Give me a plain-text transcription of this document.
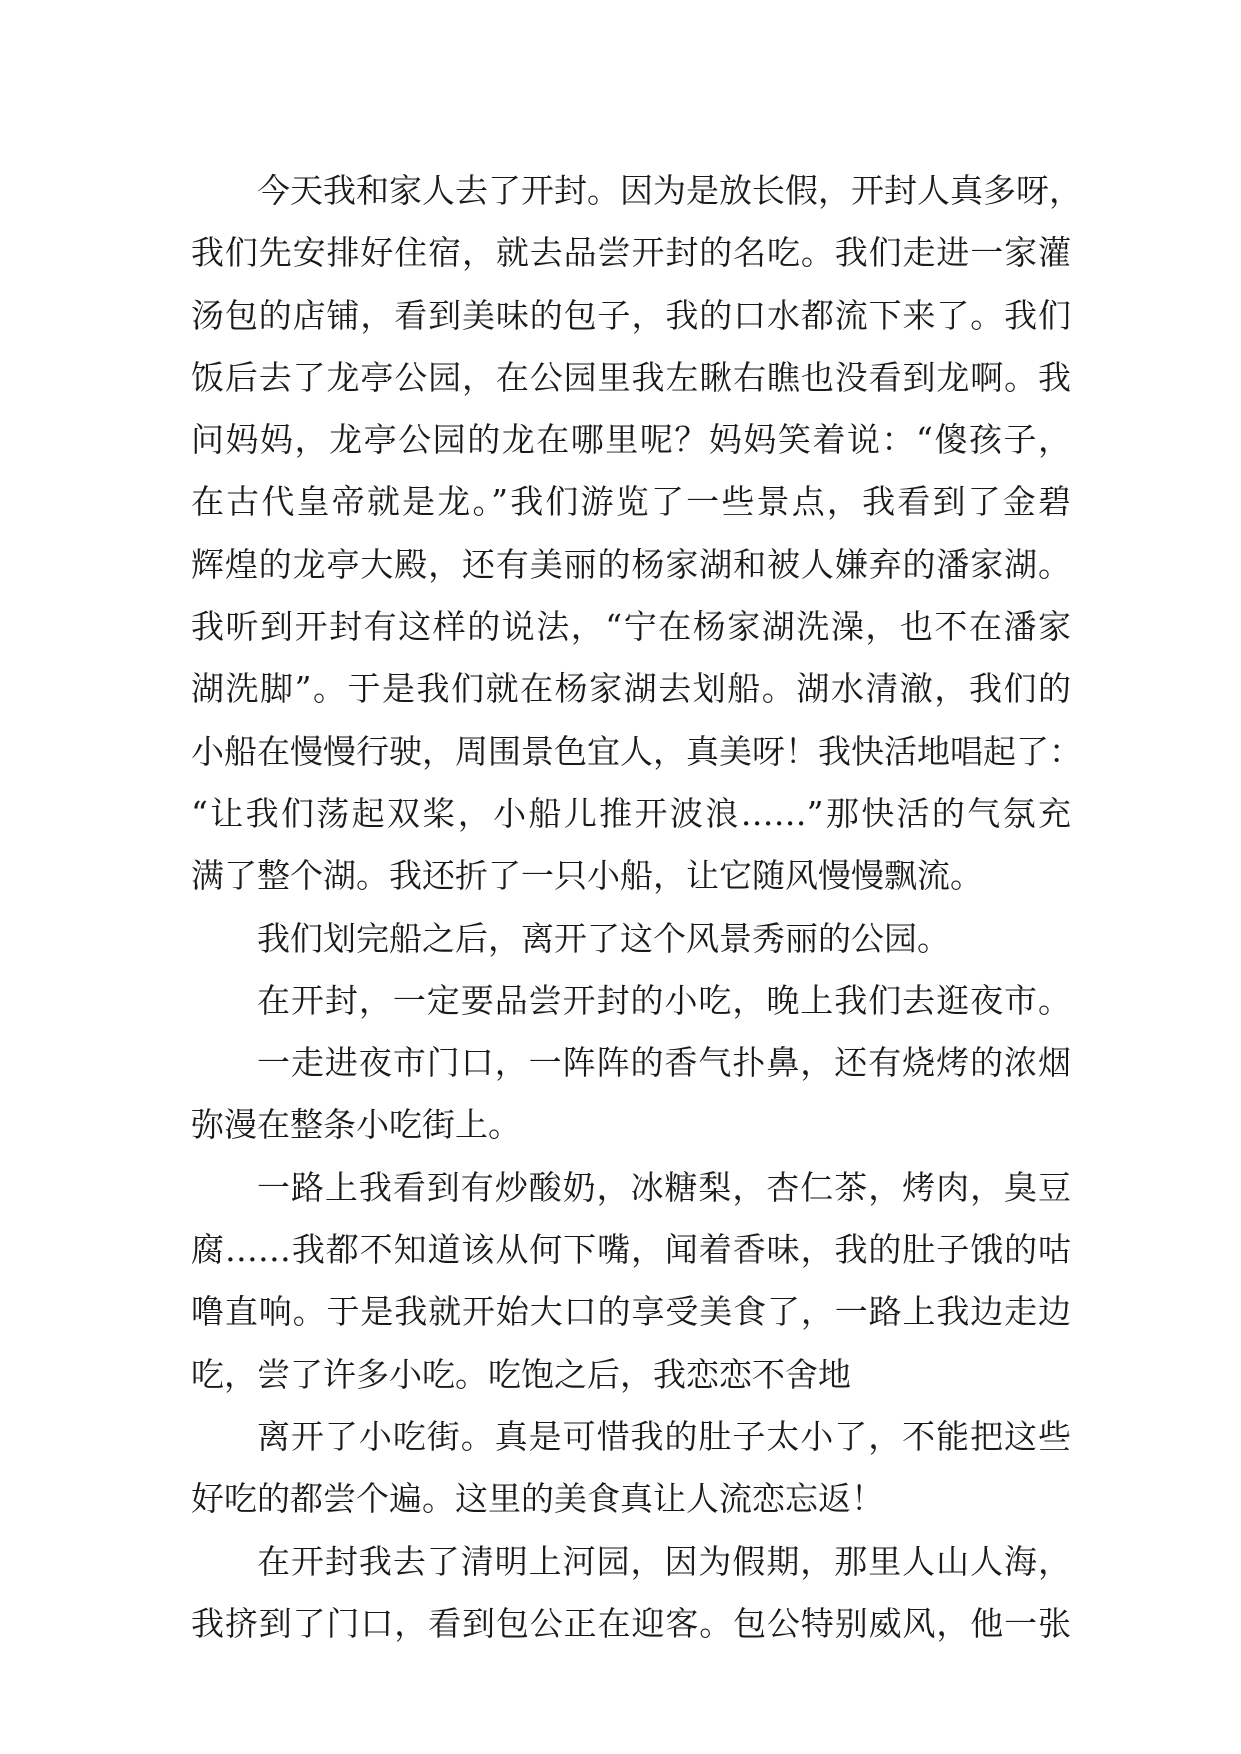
今天我和家人去了开封。因为是放长假，开封人真多呀，
我们先安排好住宿，就去品尝开封的名吃。我们走进一家灌
汤包的店铺，看到美味的包子，我的口水都流下来了。我们
饭后去了龙亭公园，在公园里我左瞅右瞧也没看到龙啊。我
问妈妈，龙亭公园的龙在哪里呢？妈妈笑着说：“傻孩子，
在古代皇帝就是龙。”我们游览了一些景点，我看到了金碧
辉煌的龙亭大殿，还有美丽的杨家湖和被人嫌弃的潘家湖。
我听到开封有这样的说法，“宁在杨家湖洗澡，也不在潘家
湖洗脚”。于是我们就在杨家湖去划船。湖水清澈，我们的
小船在慢慢行驶，周围景色宜人，真美呀！我快活地唱起了：
“让我们荡起双桨，小船儿推开波浪……”那快活的气氛充
满了整个湖。我还折了一只小船，让它随风慢慢飘流。
我们划完船之后，离开了这个风景秀丽的公园。
在开封，一定要品尝开封的小吃，晚上我们去逛夜市。
一走进夜市门口，一阵阵的香气扑鼻，还有烧烤的浓烟
弥漫在整条小吃街上。
一路上我看到有炒酸奶，冰糖梨，杏仁茶，烤肉，臭豆
腐……我都不知道该从何下嘴，闻着香味，我的肚子饿的咕
噜直响。于是我就开始大口的享受美食了，一路上我边走边
吃，尝了许多小吃。吃饱之后，我恋恋不舍地
离开了小吃街。真是可惜我的肚子太小了，不能把这些
好吃的都尝个遍。这里的美食真让人流恋忘返！
在开封我去了清明上河园，因为假期，那里人山人海，
我挤到了门口，看到包公正在迎客。包公特别威风，他一张
